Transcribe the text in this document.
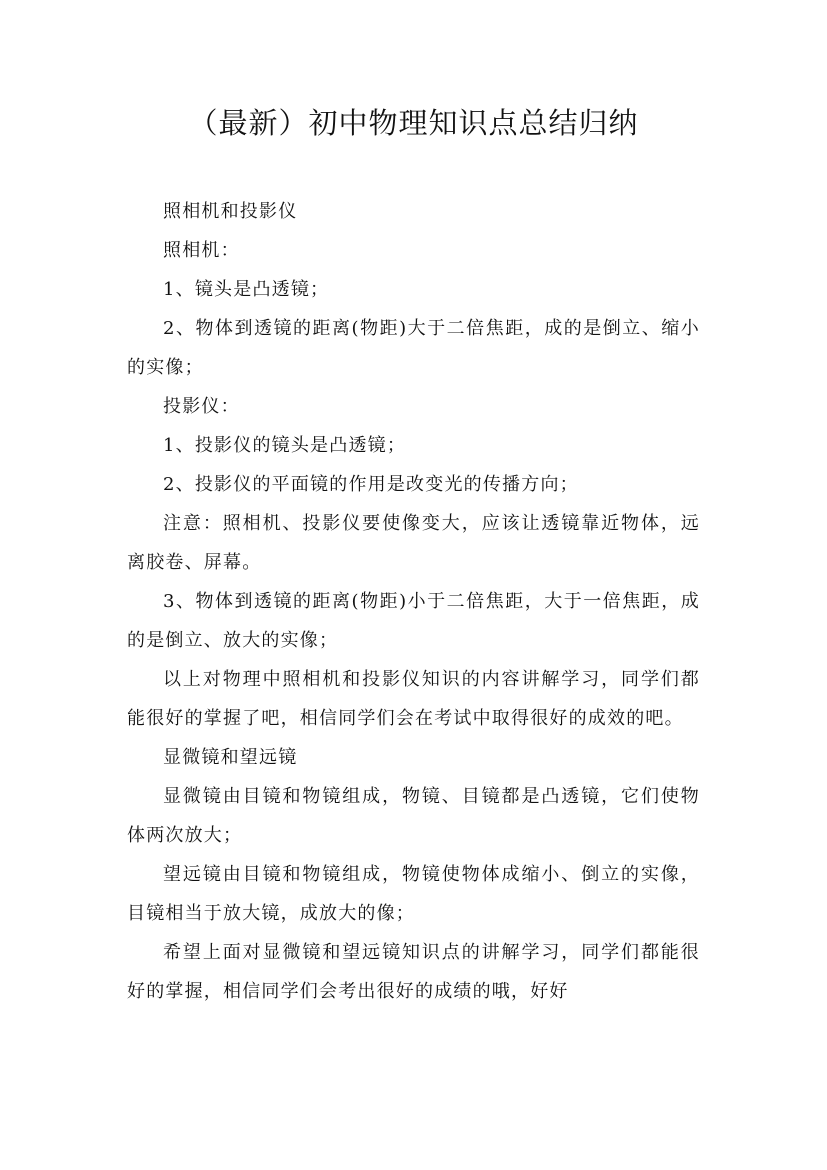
（最新）初中物理知识点总结归纳

照相机和投影仪

照相机：

1、镜头是凸透镜；

2、物体到透镜的距离(物距)大于二倍焦距，成的是倒立、缩小的实像；

投影仪：

1、投影仪的镜头是凸透镜；

2、投影仪的平面镜的作用是改变光的传播方向；

注意：照相机、投影仪要使像变大，应该让透镜靠近物体，远离胶卷、屏幕。

3、物体到透镜的距离(物距)小于二倍焦距，大于一倍焦距，成的是倒立、放大的实像；

以上对物理中照相机和投影仪知识的内容讲解学习，同学们都能很好的掌握了吧，相信同学们会在考试中取得很好的成效的吧。

显微镜和望远镜

显微镜由目镜和物镜组成，物镜、目镜都是凸透镜，它们使物体两次放大；

望远镜由目镜和物镜组成，物镜使物体成缩小、倒立的实像，目镜相当于放大镜，成放大的像；

希望上面对显微镜和望远镜知识点的讲解学习，同学们都能很好的掌握，相信同学们会考出很好的成绩的哦，好好
